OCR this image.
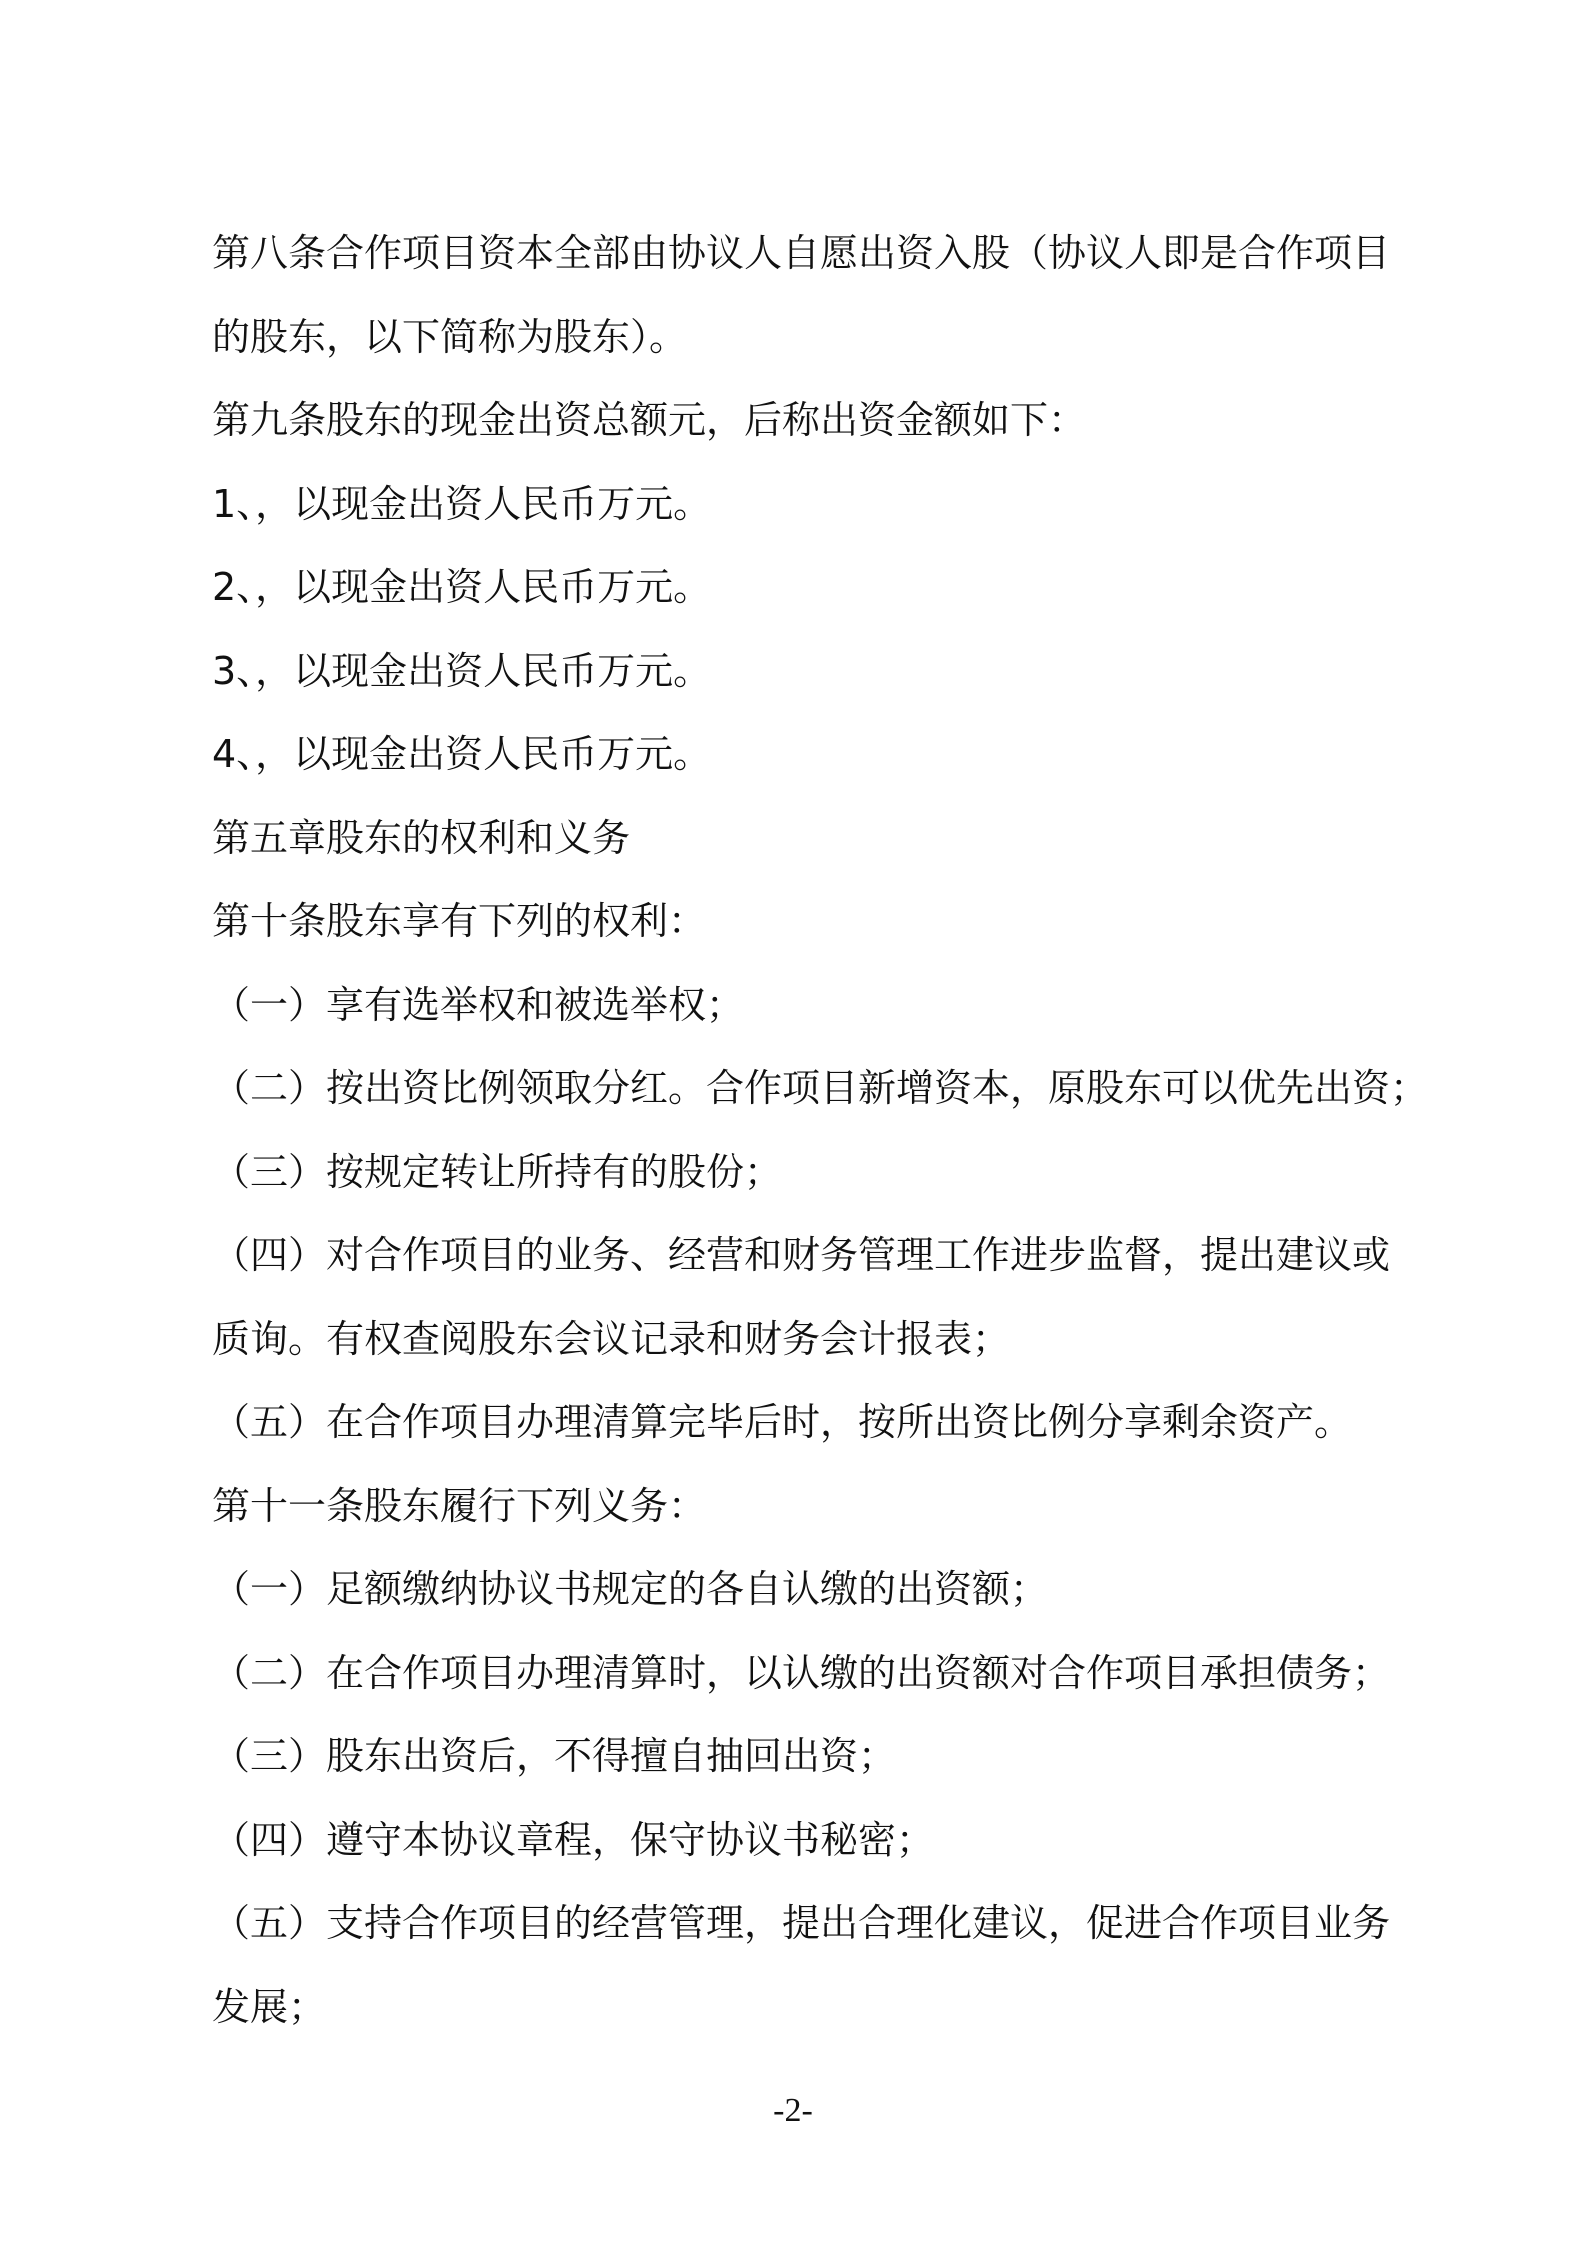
第八条合作项目资本全部由协议人自愿出资入股（协议人即是合作项目
的股东，以下简称为股东）。
第九条股东的现金出资总额元，后称出资金额如下：
1、，以现金出资人民币万元。
2、，以现金出资人民币万元。
3、，以现金出资人民币万元。
4、，以现金出资人民币万元。
第五章股东的权利和义务
第十条股东享有下列的权利：
（一）享有选举权和被选举权；
（二）按出资比例领取分红。合作项目新增资本，原股东可以优先出资；
（三）按规定转让所持有的股份；
（四）对合作项目的业务、经营和财务管理工作进步监督，提出建议或
质询。有权查阅股东会议记录和财务会计报表；
（五）在合作项目办理清算完毕后时，按所出资比例分享剩余资产。
第十一条股东履行下列义务：
（一）足额缴纳协议书规定的各自认缴的出资额；
（二）在合作项目办理清算时，以认缴的出资额对合作项目承担债务；
（三）股东出资后，不得擅自抽回出资；
（四）遵守本协议章程，保守协议书秘密；
（五）支持合作项目的经营管理，提出合理化建议，促进合作项目业务
发展；
-2-
